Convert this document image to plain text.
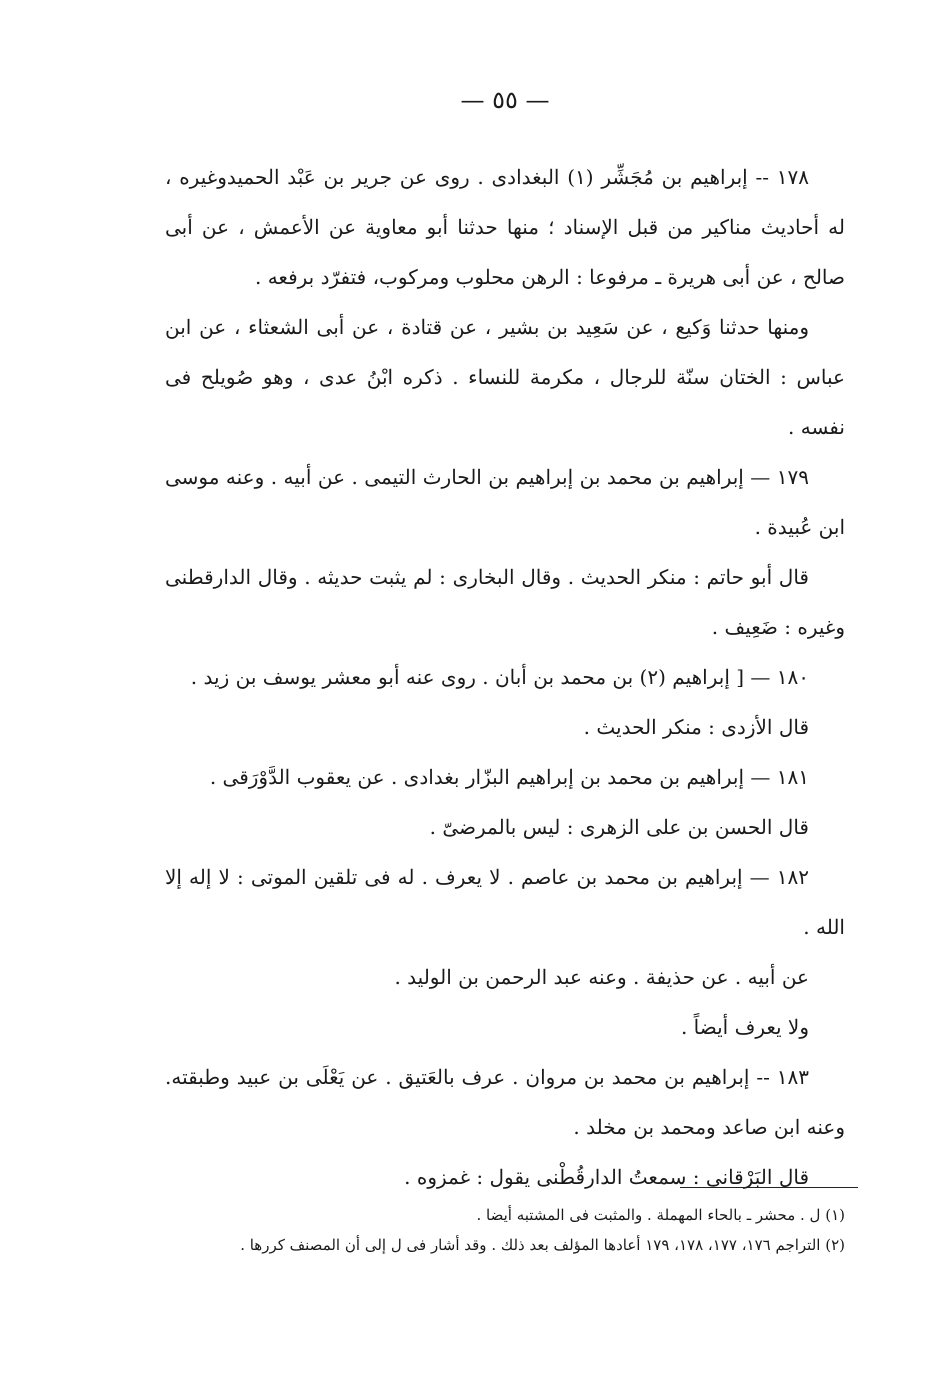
— ٥٥ —

١٧٨ -- إبراهيم بن مُجَشِّر (١) البغدادى . روى عن جرير بن عَبْد الحميدوغيره ، له أحاديث مناكير من قبل الإسناد ؛ منها حدثنا أبو معاوية عن الأعمش ، عن أبى صالح ، عن أبى هريرة ـ مرفوعا : الرهن محلوب ومركوب، فتفرّد برفعه .

ومنها حدثنا وَكيع ، عن سَعِيد بن بشير ، عن قتادة ، عن أبى الشعثاء ، عن ابن عباس : الختان سنّة للرجال ، مكرمة للنساء . ذكره ابْنُ عدى ، وهو صُويلح فى نفسه .

١٧٩ — إبراهيم بن محمد بن إبراهيم بن الحارث التيمى . عن أبيه . وعنه موسى ابن عُبيدة .

قال أبو حاتم : منكر الحديث . وقال البخارى : لم يثبت حديثه . وقال الدارقطنى وغيره : ضَعِيف .

١٨٠ — [ إبراهيم (٢) بن محمد بن أبان . روى عنه أبو معشر يوسف بن زيد .

قال الأزدى : منكر الحديث .

١٨١ — إبراهيم بن محمد بن إبراهيم البزّار بغدادى . عن يعقوب الدَّوْرَقى .

قال الحسن بن على الزهرى : ليس بالمرضىّ .

١٨٢ — إبراهيم بن محمد بن عاصم . لا يعرف . له فى تلقين الموتى : لا إله إلا الله .

عن أبيه . عن حذيفة . وعنه عبد الرحمن بن الوليد .

ولا يعرف أيضاً .

١٨٣ -- إبراهيم بن محمد بن مروان . عرف بالعَتيق . عن يَعْلَى بن عبيد وطبقته. وعنه ابن صاعد ومحمد بن مخلد .

قال البَرْقانى : سمعتُ الدارقُطْنى يقول : غمزوه .

(١) ل . محشر ـ بالحاء المهملة . والمثبت فى المشتبه أيضا .

(٢) التراجم ١٧٦، ١٧٧، ١٧٨، ١٧٩ أعادها المؤلف بعد ذلك . وقد أشار فى ل إلى أن المصنف كررها .
